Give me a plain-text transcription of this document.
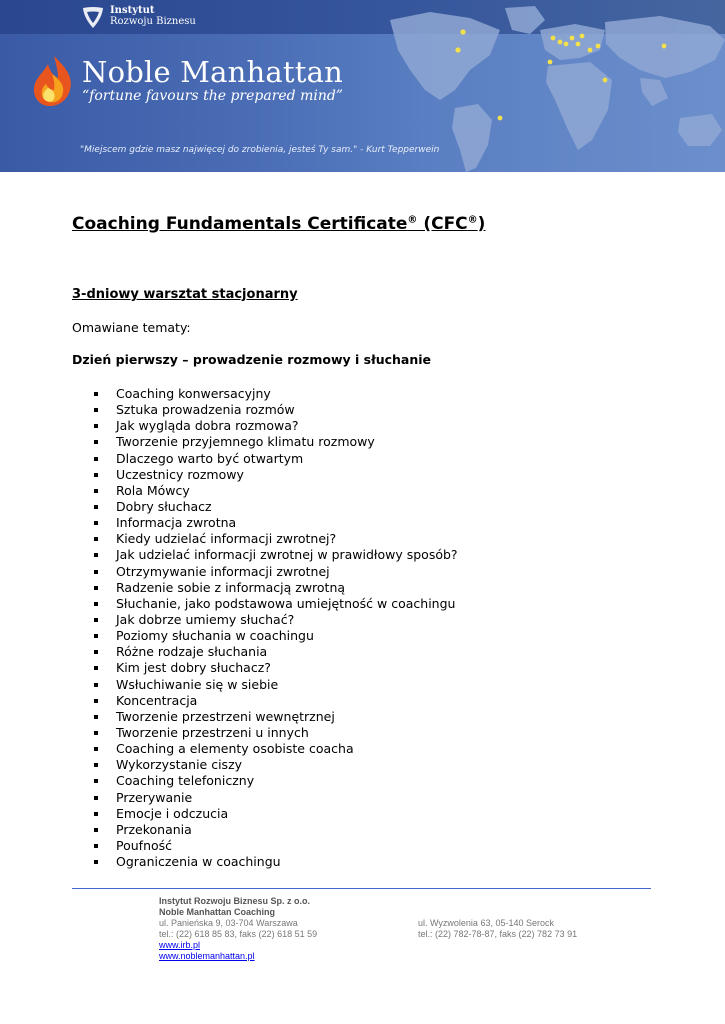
Instytut
Rozwoju Biznesu
Noble Manhattan
“fortune favours the prepared mind”
"Miejscem gdzie masz najwięcej do zrobienia, jesteś Ty sam." - Kurt Tepperwein
Coaching Fundamentals Certificate® (CFC®)
3-dniowy warsztat stacjonarny

Omawiane tematy:

Dzień pierwszy – prowadzenie rozmowy i słuchanie
Coaching konwersacyjny
Sztuka prowadzenia rozmów
Jak wygląda dobra rozmowa?
Tworzenie przyjemnego klimatu rozmowy
Dlaczego warto być otwartym
Uczestnicy rozmowy
Rola Mówcy
Dobry słuchacz
Informacja zwrotna
Kiedy udzielać informacji zwrotnej?
Jak udzielać informacji zwrotnej w prawidłowy sposób?
Otrzymywanie informacji zwrotnej
Radzenie sobie z informacją zwrotną
Słuchanie, jako podstawowa umiejętność w coachingu
Jak dobrze umiemy słuchać?
Poziomy słuchania w coachingu
Różne rodzaje słuchania
Kim jest dobry słuchacz?
Wsłuchiwanie się w siebie
Koncentracja
Tworzenie przestrzeni wewnętrznej
Tworzenie przestrzeni u innych
Coaching a elementy osobiste coacha
Wykorzystanie ciszy
Coaching telefoniczny
Przerywanie
Emocje i odczucia
Przekonania
Poufność
Ograniczenia w coachingu
Instytut Rozwoju Biznesu Sp. z o.o.
Noble Manhattan Coaching
ul. Panieńska 9, 03-704 Warszawa
tel.: (22) 618 85 83, faks (22) 618 51 59
www.irb.pl
www.noblemanhattan.pl
ul. Wyzwolenia 63, 05-140 Serock
tel.: (22) 782-78-87, faks (22) 782 73 91
